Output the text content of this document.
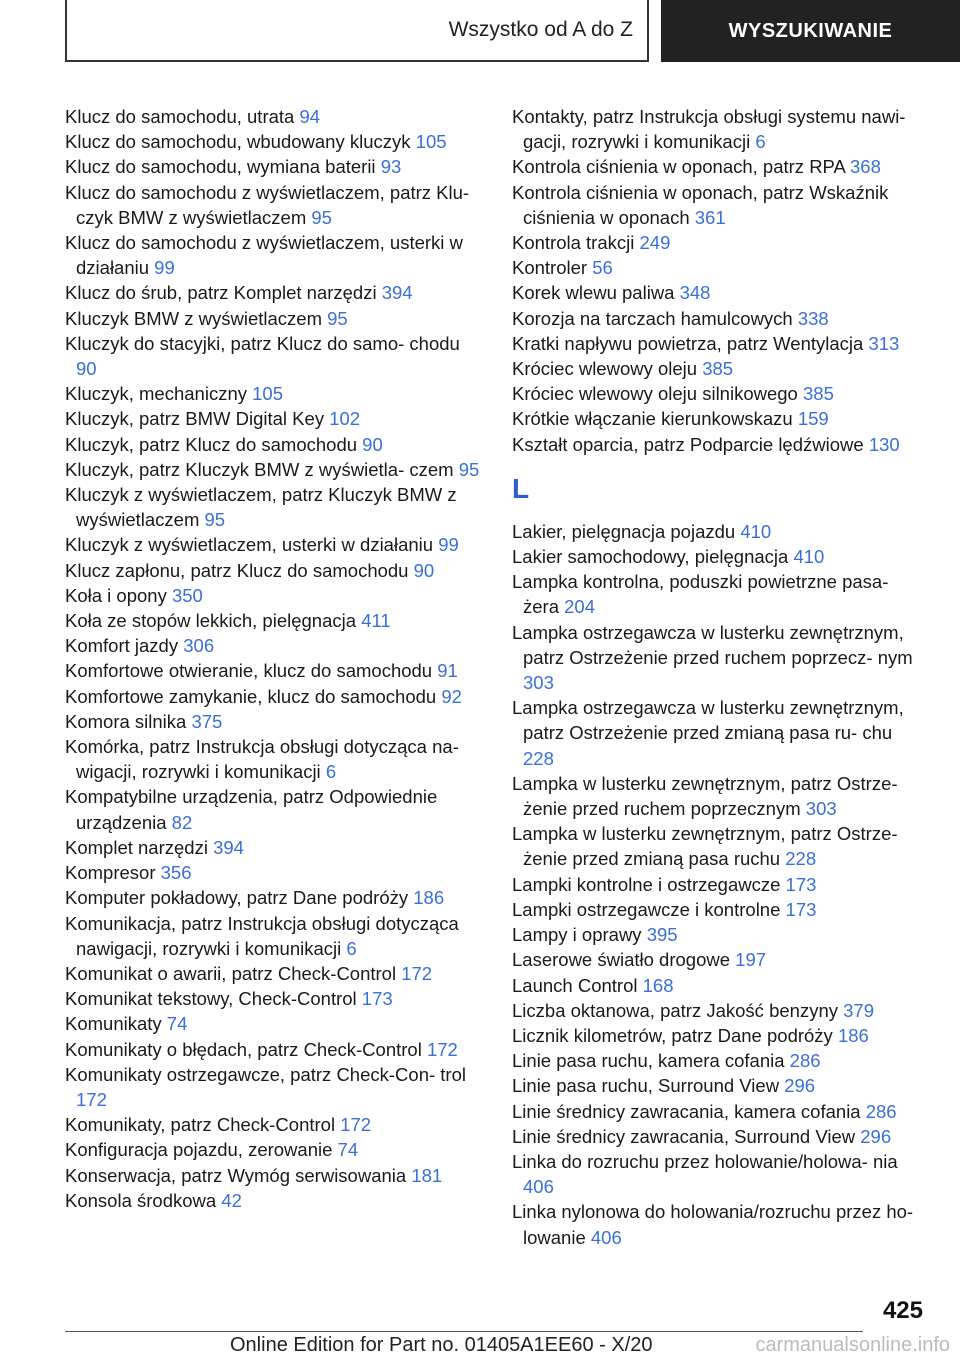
Wszystko od A do Z	WYSZUKIWANIE
Klucz do samochodu, utrata 94
Klucz do samochodu, wbudowany kluczyk 105
Klucz do samochodu, wymiana baterii 93
Klucz do samochodu z wyświetlaczem, patrz Klu‐ czyk BMW z wyświetlaczem 95
Klucz do samochodu z wyświetlaczem, usterki w działaniu 99
Klucz do śrub, patrz Komplet narzędzi 394
Kluczyk BMW z wyświetlaczem 95
Kluczyk do stacyjki, patrz Klucz do samo‐ chodu 90
Kluczyk, mechaniczny 105
Kluczyk, patrz BMW Digital Key 102
Kluczyk, patrz Klucz do samochodu 90
Kluczyk, patrz Kluczyk BMW z wyświetla‐ czem 95
Kluczyk z wyświetlaczem, patrz Kluczyk BMW z wyświetlaczem 95
Kluczyk z wyświetlaczem, usterki w działaniu 99
Klucz zapłonu, patrz Klucz do samochodu 90
Koła i opony 350
Koła ze stopów lekkich, pielęgnacja 411
Komfort jazdy 306
Komfortowe otwieranie, klucz do samochodu 91
Komfortowe zamykanie, klucz do samochodu 92
Komora silnika 375
Komórka, patrz Instrukcja obsługi dotycząca na‐ wigacji, rozrywki i komunikacji 6
Kompatybilne urządzenia, patrz Odpowiednie urządzenia 82
Komplet narzędzi 394
Kompresor 356
Komputer pokładowy, patrz Dane podróży 186
Komunikacja, patrz Instrukcja obsługi dotycząca nawigacji, rozrywki i komunikacji 6
Komunikat o awarii, patrz Check-Control 172
Komunikat tekstowy, Check-Control 173
Komunikaty 74
Komunikaty o błędach, patrz Check-Control 172
Komunikaty ostrzegawcze, patrz Check-Con‐ trol 172
Komunikaty, patrz Check-Control 172
Konfiguracja pojazdu, zerowanie 74
Konserwacja, patrz Wymóg serwisowania 181
Konsola środkowa 42
Kontakty, patrz Instrukcja obsługi systemu nawi‐ gacji, rozrywki i komunikacji 6
Kontrola ciśnienia w oponach, patrz RPA 368
Kontrola ciśnienia w oponach, patrz Wskaźnik ciśnienia w oponach 361
Kontrola trakcji 249
Kontroler 56
Korek wlewu paliwa 348
Korozja na tarczach hamulcowych 338
Kratki napływu powietrza, patrz Wentylacja 313
Króciec wlewowy oleju 385
Króciec wlewowy oleju silnikowego 385
Krótkie włączanie kierunkowskazu 159
Kształt oparcia, patrz Podparcie lędźwiowe 130
L
Lakier, pielęgnacja pojazdu 410
Lakier samochodowy, pielęgnacja 410
Lampka kontrolna, poduszki powietrzne pasa‐ żera 204
Lampka ostrzegawcza w lusterku zewnętrznym, patrz Ostrzeżenie przed ruchem poprzecz‐ nym 303
Lampka ostrzegawcza w lusterku zewnętrznym, patrz Ostrzeżenie przed zmianą pasa ru‐ chu 228
Lampka w lusterku zewnętrznym, patrz Ostrze‐ żenie przed ruchem poprzecznym 303
Lampka w lusterku zewnętrznym, patrz Ostrze‐ żenie przed zmianą pasa ruchu 228
Lampki kontrolne i ostrzegawcze 173
Lampki ostrzegawcze i kontrolne 173
Lampy i oprawy 395
Laserowe światło drogowe 197
Launch Control 168
Liczba oktanowa, patrz Jakość benzyny 379
Licznik kilometrów, patrz Dane podróży 186
Linie pasa ruchu, kamera cofania 286
Linie pasa ruchu, Surround View 296
Linie średnicy zawracania, kamera cofania 286
Linie średnicy zawracania, Surround View 296
Linka do rozruchu przez holowanie/holowa‐ nia 406
Linka nylonowa do holowania/rozruchu przez ho‐ lowanie 406
425
Online Edition for Part no. 01405A1EE60 - X/20	carmanualsonline.info
